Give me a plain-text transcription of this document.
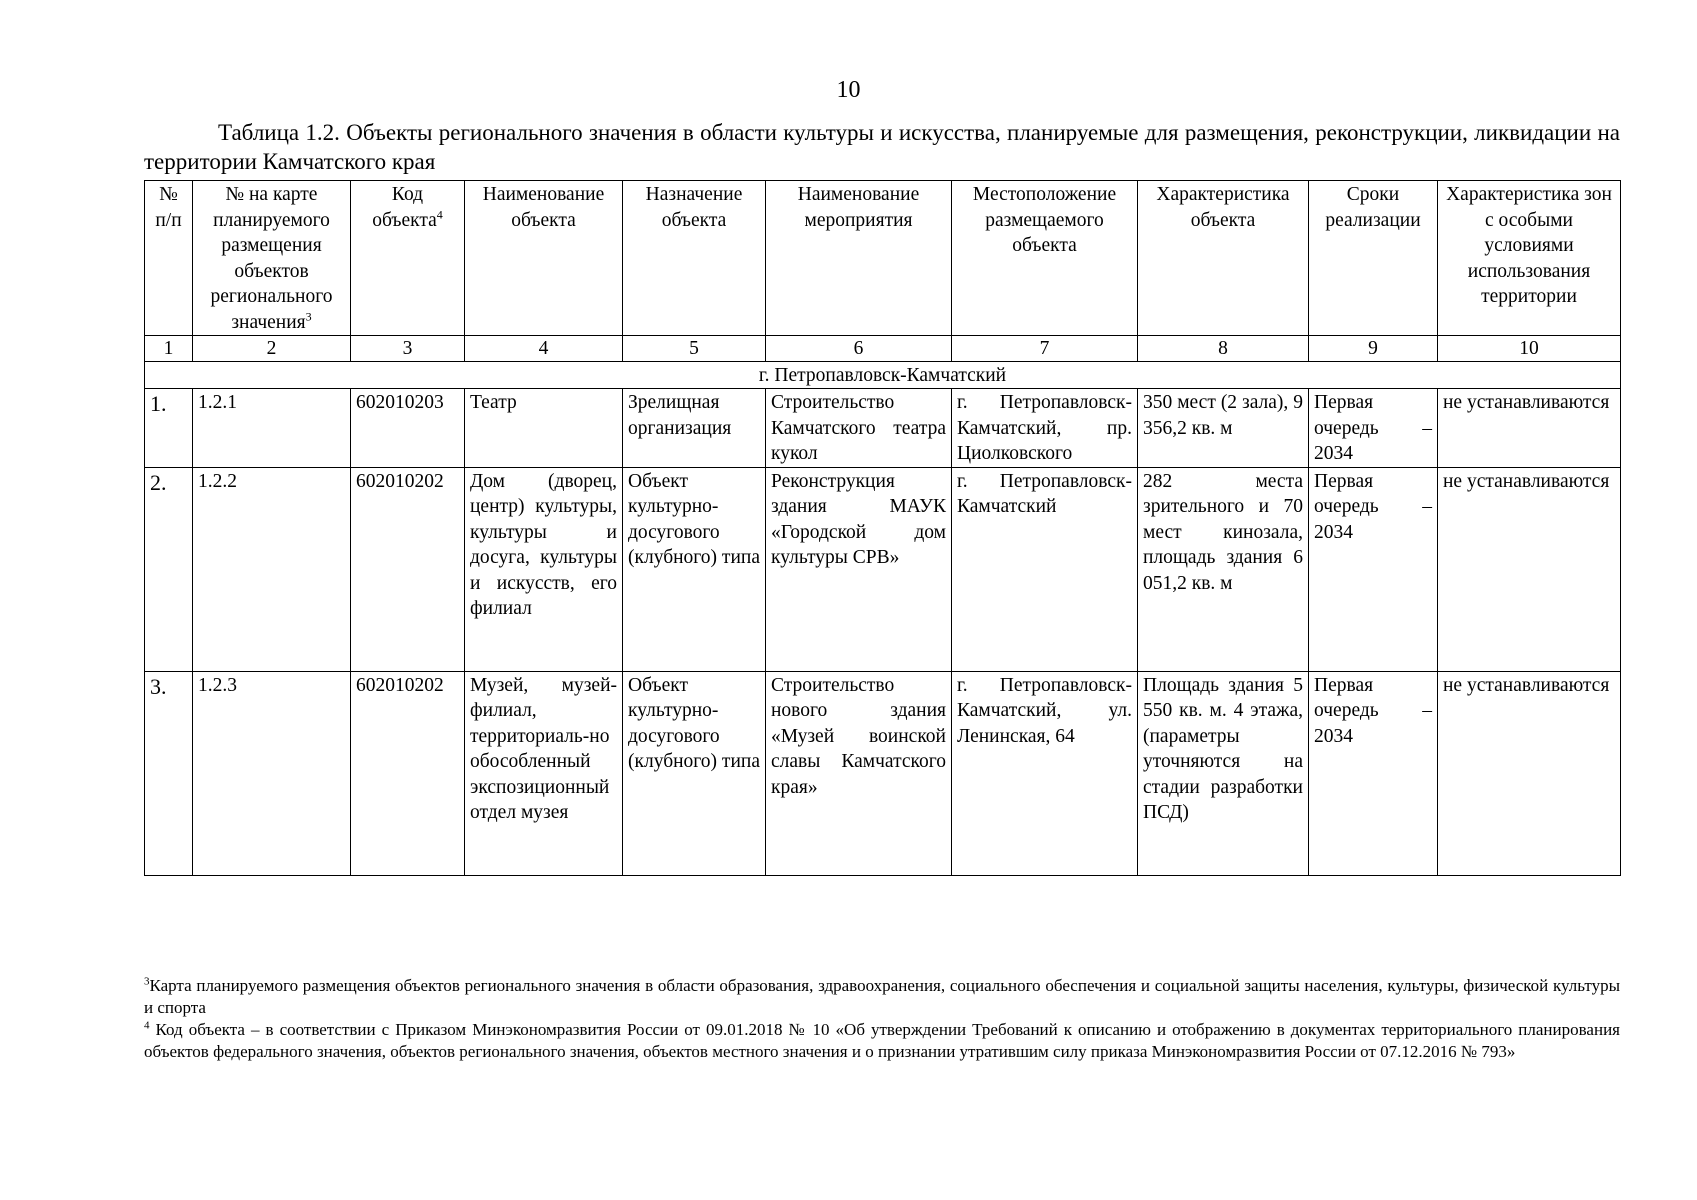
10
Таблица 1.2. Объекты регионального значения в области культуры и искусства, планируемые для размещения, реконструкции, ликвидации на территории Камчатского края
№ п/п	№ на карте планируемого размещения объектов регионального значения$^3$	Код объекта$^4$	Наименование объекта	Назначение объекта	Наименование мероприятия	Местоположение размещаемого объекта	Характеристика объекта	Сроки реализации	Характеристика зон с особыми условиями использования территории
1	2	3	4	5	6	7	8	9	10
г. Петропавловск-Камчатский									
1.	1.2.1	602010203	Театр	Зрелищная организация	Строительство Камчатского театра кукол	г. Петропавловск-Камчатский, пр. Циолковского	350 мест (2 зала), 9 356,2 кв. м	Первая очередь – 2034	не устанавливаются
2.	1.2.2	602010202	Дом (дворец, центр) культуры, культуры и досуга, культуры и искусств, его филиал	Объект культурно-досугового (клубного) типа	Реконструкция здания МАУК «Городской дом культуры СРВ»	г. Петропавловск-Камчатский	282 места зрительного и 70 мест кинозала, площадь здания 6 051,2 кв. м	Первая очередь – 2034	не устанавливаются
3.	1.2.3	602010202	Музей, музей-филиал, территориаль-но обособленный экспозиционный отдел музея	Объект культурно-досугового (клубного) типа	Строительство нового здания «Музей воинской славы Камчатского края»	г. Петропавловск-Камчатский, ул. Ленинская, 64	Площадь здания 5 550 кв. м. 4 этажа, (параметры уточняются на стадии разработки ПСД)	Первая очередь – 2034	не устанавливаются

$^3$Карта планируемого размещения объектов регионального значения в области образования, здравоохранения, социального обеспечения и социальной защиты населения, культуры, физической культуры и спорта

$^4$ Код объекта – в соответствии с Приказом Минэкономразвития России от 09.01.2018 № 10 «Об утверждении Требований к описанию и отображению в документах территориального планирования объектов федерального значения, объектов регионального значения, объектов местного значения и о признании утратившим силу приказа Минэкономразвития России от 07.12.2016 № 793»
